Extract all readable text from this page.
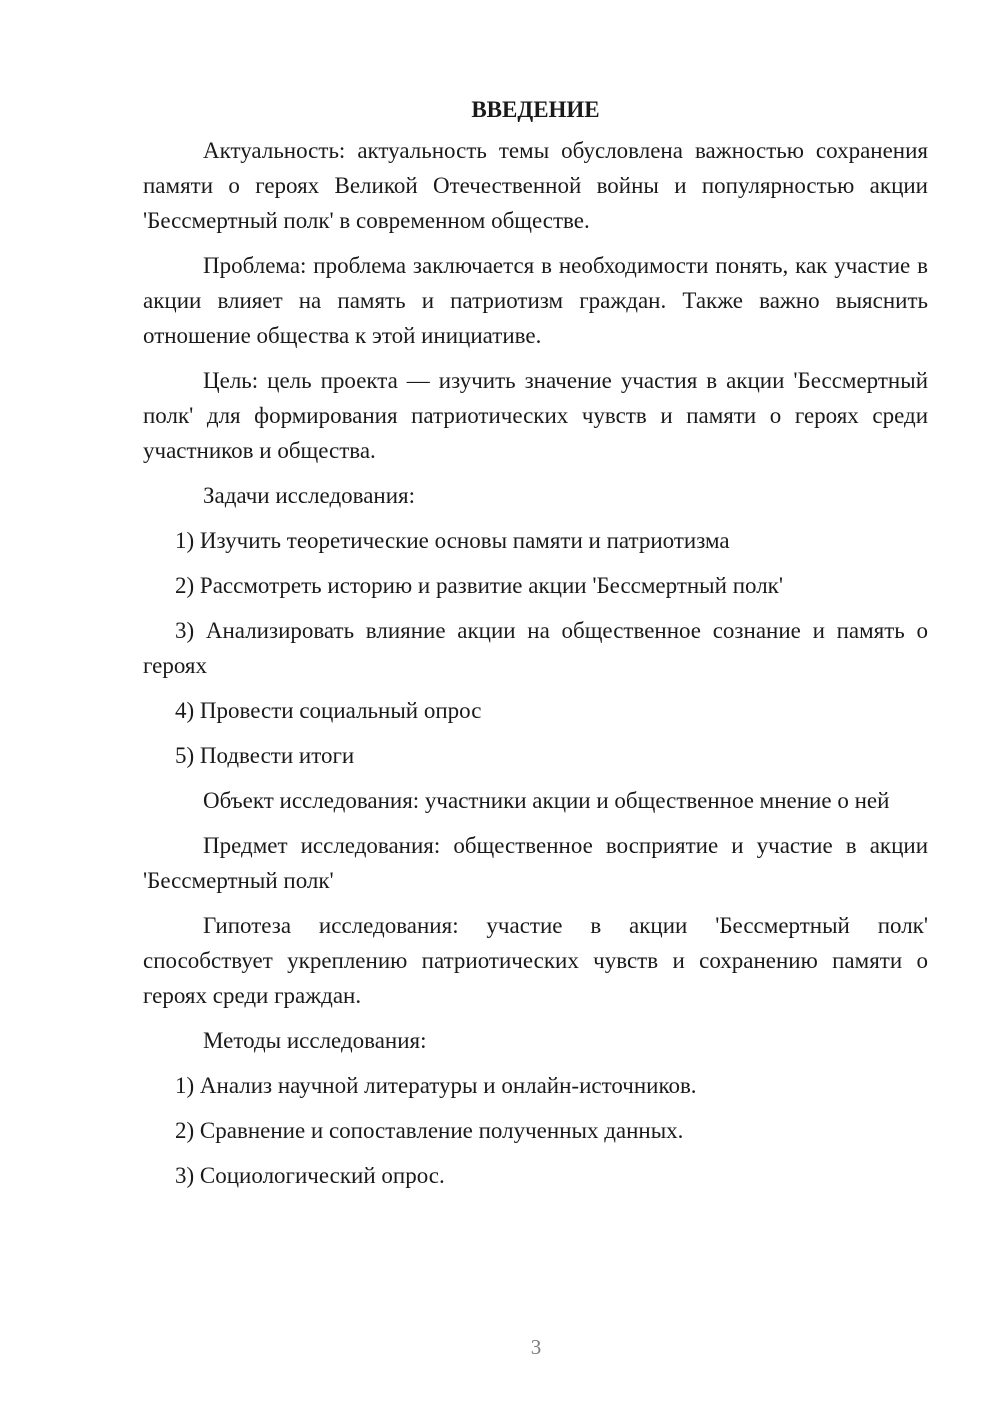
ВВЕДЕНИЕ

Актуальность: актуальность темы обусловлена важностью сохранения памяти о героях Великой Отечественной войны и популярностью акции 'Бессмертный полк' в современном обществе.

Проблема: проблема заключается в необходимости понять, как участие в акции влияет на память и патриотизм граждан. Также важно выяснить отношение общества к этой инициативе.

Цель: цель проекта — изучить значение участия в акции 'Бессмертный полк' для формирования патриотических чувств и памяти о героях среди участников и общества.

Задачи исследования:

1) Изучить теоретические основы памяти и патриотизма

2) Рассмотреть историю и развитие акции 'Бессмертный полк'

3) Анализировать влияние акции на общественное сознание и память о героях

4) Провести социальный опрос

5) Подвести итоги

Объект исследования: участники акции и общественное мнение о ней

Предмет исследования: общественное восприятие и участие в акции 'Бессмертный полк'

Гипотеза исследования: участие в акции 'Бессмертный полк' способствует укреплению патриотических чувств и сохранению памяти о героях среди граждан.

Методы исследования:

1) Анализ научной литературы и онлайн-источников.

2) Сравнение и сопоставление полученных данных.

3) Социологический опрос.

3
